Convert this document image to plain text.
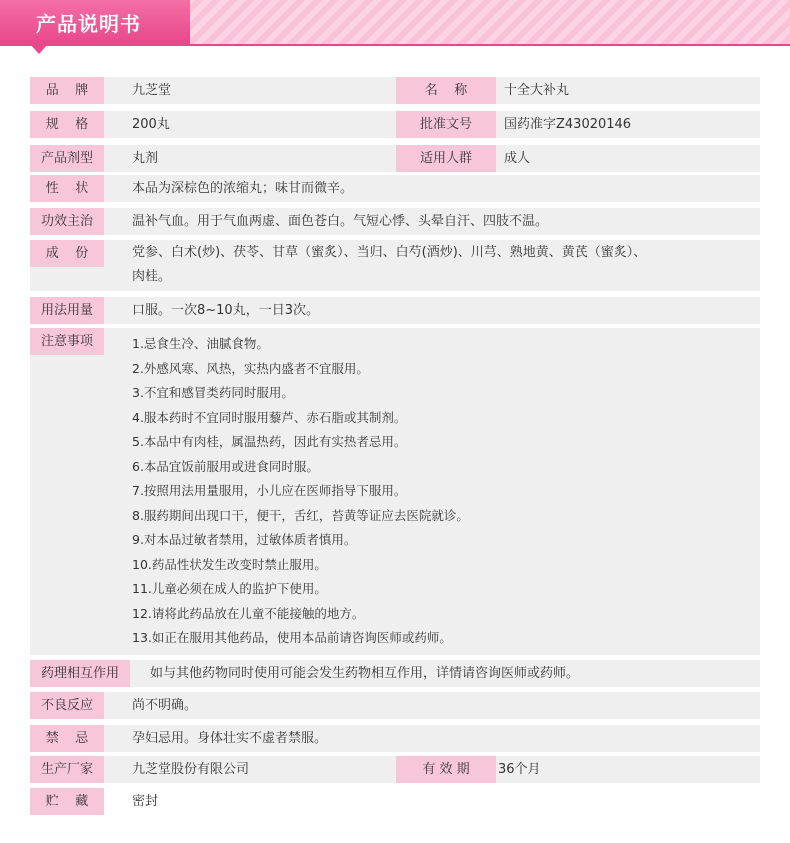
产品说明书
品    牌	九芝堂	名    称	十全大补丸
规    格	200丸	批准文号	国药准字Z43020146
产品剂型	丸剂	适用人群	成人
性    状	本品为深棕色的浓缩丸；味甘而微辛。
功效主治	温补气血。用于气血两虚、面色苍白。气短心悸、头晕自汗、四肢不温。
成    份	党参、白术(炒)、茯苓、甘草（蜜炙）、当归、白芍(酒炒)、川芎、熟地黄、黄芪（蜜炙）、
肉桂。
用法用量	口服。一次8~10丸，一日3次。
注意事项	1.忌食生冷、油腻食物。
2.外感风寒、风热，实热内盛者不宜服用。
3.不宜和感冒类药同时服用。
4.服本药时不宜同时服用藜芦、赤石脂或其制剂。
5.本品中有肉桂，属温热药，因此有实热者忌用。
6.本品宜饭前服用或进食同时服。
7.按照用法用量服用，小儿应在医师指导下服用。
8.服药期间出现口干，便干，舌红，苔黄等证应去医院就诊。
9.对本品过敏者禁用，过敏体质者慎用。
10.药品性状发生改变时禁止服用。
11.儿童必须在成人的监护下使用。
12.请将此药品放在儿童不能接触的地方。
13.如正在服用其他药品，使用本品前请咨询医师或药师。
药理相互作用	如与其他药物同时使用可能会发生药物相互作用，详情请咨询医师或药师。
不良反应	尚不明确。
禁    忌	孕妇忌用。身体壮实不虚者禁服。
生产厂家	九芝堂股份有限公司	有 效 期	36个月
贮    藏	密封
